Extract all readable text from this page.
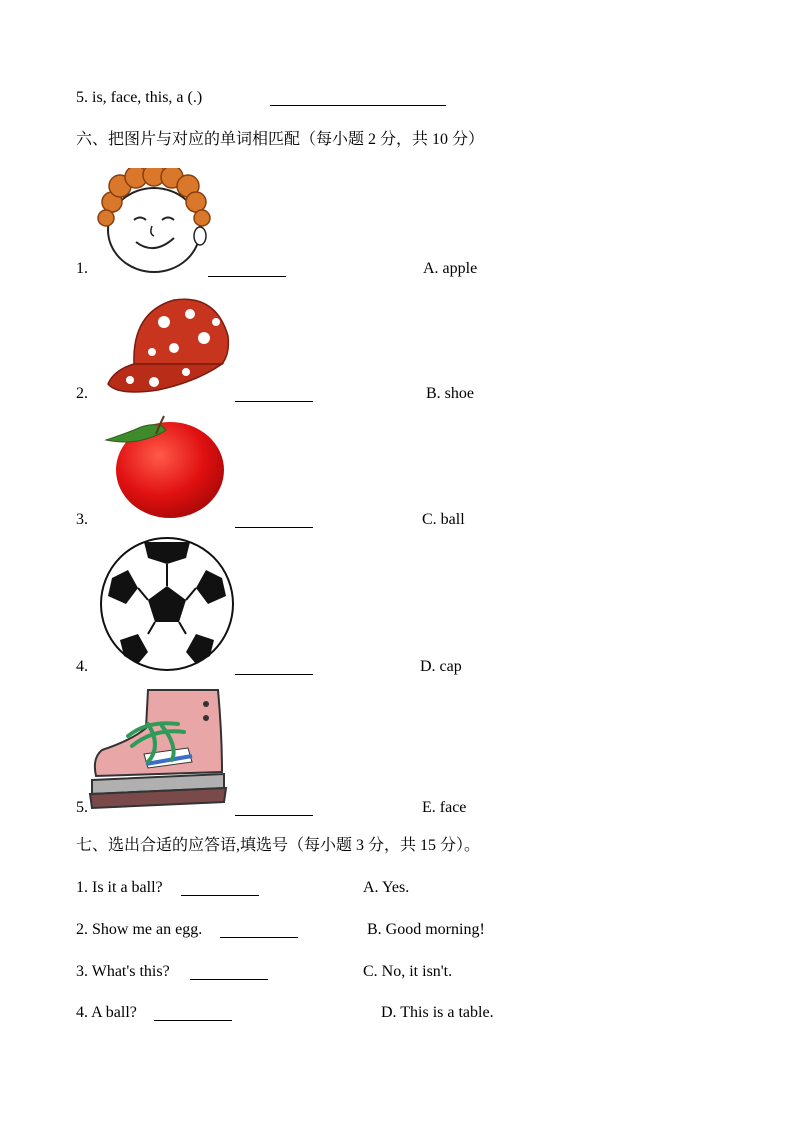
5. is, face, this, a (.)
六、把图片与对应的单词相匹配（每小题 2 分，共 10 分）
1.	A. apple
2.	B. shoe
3.	C. ball
4.	D. cap
5.	E. face
七、选出合适的应答语,填选号（每小题 3 分，共 15 分）。
1. Is it a ball?	A. Yes.
2. Show me an egg.	B. Good morning!
3. What's this?	C. No, it isn't.
4. A ball?	D. This is a table.
